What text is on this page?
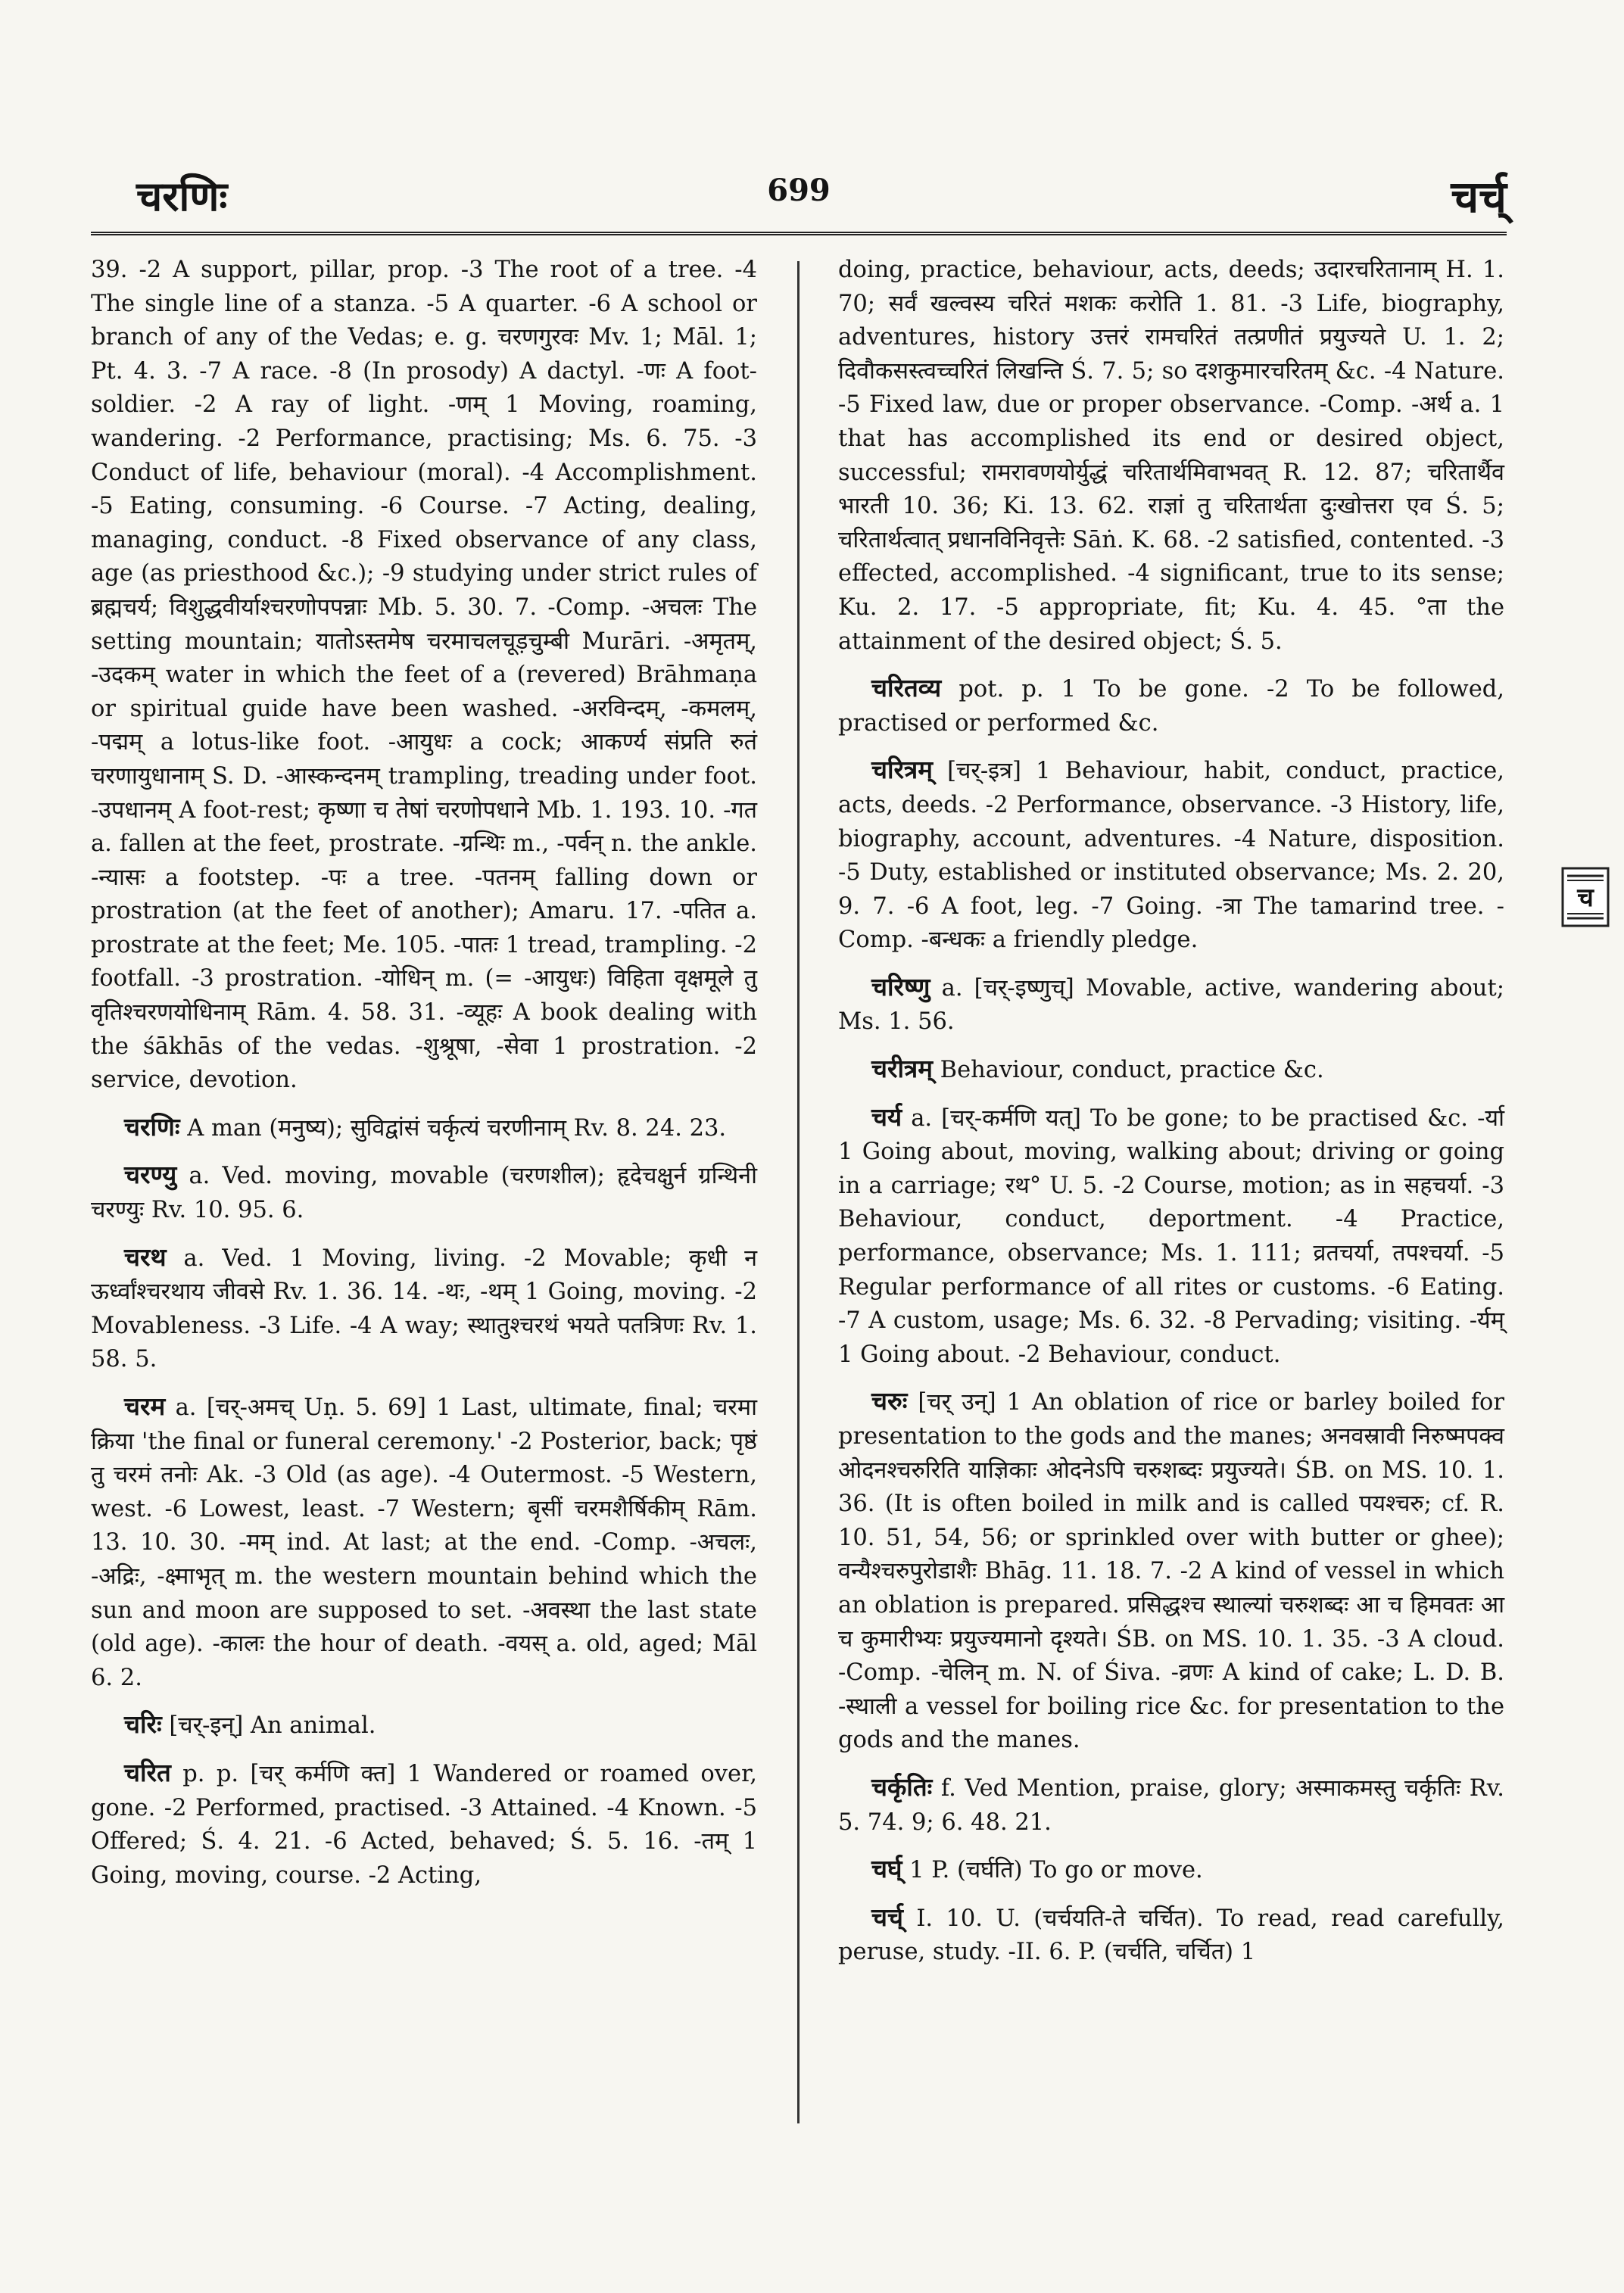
चरणिः	699	चर्च्

39. -2 A support, pillar, prop. -3 The root of a tree. -4 The single line of a stanza. -5 A quarter. -6 A school or branch of any of the Vedas; e. g. चरणगुरवः Mv. 1; Māl. 1; Pt. 4. 3. -7 A race. -8 (In prosody) A dactyl. -णः A foot-soldier. -2 A ray of light. -णम् 1 Moving, roaming, wandering. -2 Performance, practising; Ms. 6. 75. -3 Conduct of life, behaviour (moral). -4 Accomplishment. -5 Eating, consuming. -6 Course. -7 Acting, dealing, managing, conduct. -8 Fixed observance of any class, age (as priesthood &c.); -9 studying under strict rules of ब्रह्मचर्य; विशुद्धवीर्याश्चरणोपपन्नाः Mb. 5. 30. 7. -Comp. -अचलः The setting mountain; यातोऽस्तमेष चरमाचलचूड़चुम्बी Murāri. -अमृतम्, -उदकम् water in which the feet of a (revered) Brāhmaṇa or spiritual guide have been washed. -अरविन्दम्, -कमलम्, -पद्मम् a lotus-like foot. -आयुधः a cock; आकर्ण्य संप्रति रुतं चरणायुधानाम् S. D. -आस्कन्दनम् trampling, treading under foot. -उपधानम् A foot-rest; कृष्णा च तेषां चरणोपधाने Mb. 1. 193. 10. -गत a. fallen at the feet, prostrate. -ग्रन्थिः m., -पर्वन् n. the ankle. -न्यासः a footstep. -पः a tree. -पतनम् falling down or prostration (at the feet of another); Amaru. 17. -पतित a. prostrate at the feet; Me. 105. -पातः 1 tread, trampling. -2 footfall. -3 prostration. -योधिन् m. (= -आयुधः) विहिता वृक्षमूले तु वृतिश्चरणयोधिनाम् Rām. 4. 58. 31. -व्यूहः A book dealing with the śākhās of the vedas. -शुश्रूषा, -सेवा 1 prostration. -2 service, devotion.

चरणिः A man (मनुष्य); सुविद्वांसं चर्कृत्यं चरणीनाम् Rv. 8. 24. 23.

चरण्यु a. Ved. moving, movable (चरणशील); हृदेचक्षुर्न ग्रन्थिनी चरण्युः Rv. 10. 95. 6.

चरथ a. Ved. 1 Moving, living. -2 Movable; कृधी न ऊर्ध्वांश्चरथाय जीवसे Rv. 1. 36. 14. -थः, -थम् 1 Going, moving. -2 Movableness. -3 Life. -4 A way; स्थातुश्चरथं भयते पतत्रिणः Rv. 1. 58. 5.

चरम a. [चर्-अमच् Uṇ. 5. 69] 1 Last, ultimate, final; चरमा क्रिया 'the final or funeral ceremony.' -2 Posterior, back; पृष्ठं तु चरमं तनोः Ak. -3 Old (as age). -4 Outermost. -5 Western, west. -6 Lowest, least. -7 Western; बृसीं चरमशैर्षिकीम् Rām. 13. 10. 30. -मम् ind. At last; at the end. -Comp. -अचलः, -अद्रिः, -क्ष्माभृत् m. the western mountain behind which the sun and moon are supposed to set. -अवस्था the last state (old age). -कालः the hour of death. -वयस् a. old, aged; Māl 6. 2.

चरिः [चर्-इन्] An animal.

चरित p. p. [चर् कर्मणि क्त] 1 Wandered or roamed over, gone. -2 Performed, practised. -3 Attained. -4 Known. -5 Offered; Ś. 4. 21. -6 Acted, behaved; Ś. 5. 16. -तम् 1 Going, moving, course. -2 Acting,

doing, practice, behaviour, acts, deeds; उदारचरितानाम् H. 1. 70; सर्वं खल्वस्य चरितं मशकः करोति 1. 81. -3 Life, biography, adventures, history उत्तरं रामचरितं तत्प्रणीतं प्रयुज्यते U. 1. 2; दिवौकसस्त्वच्चरितं लिखन्ति Ś. 7. 5; so दशकुमारचरितम् &c. -4 Nature. -5 Fixed law, due or proper observance. -Comp. -अर्थ a. 1 that has accomplished its end or desired object, successful; रामरावणयोर्युद्धं चरितार्थमिवाभवत् R. 12. 87; चरितार्थैव भारती 10. 36; Ki. 13. 62. राज्ञां तु चरितार्थता दुःखोत्तरा एव Ś. 5; चरितार्थत्वात् प्रधानविनिवृत्तेः Sāṅ. K. 68. -2 satisfied, contented. -3 effected, accomplished. -4 significant, true to its sense; Ku. 2. 17. -5 appropriate, fit; Ku. 4. 45. °ता the attainment of the desired object; Ś. 5.

चरितव्य pot. p. 1 To be gone. -2 To be followed, practised or performed &c.

चरित्रम् [चर्-इत्र] 1 Behaviour, habit, conduct, practice, acts, deeds. -2 Performance, observance. -3 History, life, biography, account, adventures. -4 Nature, disposition. -5 Duty, established or instituted observance; Ms. 2. 20, 9. 7. -6 A foot, leg. -7 Going. -त्रा The tamarind tree. -Comp. -बन्धकः a friendly pledge.

चरिष्णु a. [चर्-इष्णुच्] Movable, active, wandering about; Ms. 1. 56.

चरीत्रम् Behaviour, conduct, practice &c.

चर्य a. [चर्-कर्मणि यत्] To be gone; to be practised &c. -र्या 1 Going about, moving, walking about; driving or going in a carriage; रथ° U. 5. -2 Course, motion; as in सहचर्या. -3 Behaviour, conduct, deportment. -4 Practice, performance, observance; Ms. 1. 111; व्रतचर्या, तपश्चर्या. -5 Regular performance of all rites or customs. -6 Eating. -7 A custom, usage; Ms. 6. 32. -8 Pervading; visiting. -र्यम् 1 Going about. -2 Behaviour, conduct.

चरुः [चर् उन्] 1 An oblation of rice or barley boiled for presentation to the gods and the manes; अनवस्रावी निरुष्मपक्व ओदनश्चरुरिति याज्ञिकाः ओदनेऽपि चरुशब्दः प्रयुज्यते। ŚB. on MS. 10. 1. 36. (It is often boiled in milk and is called पयश्चरु; cf. R. 10. 51, 54, 56; or sprinkled over with butter or ghee); वन्यैश्चरुपुरोडाशैः Bhāg. 11. 18. 7. -2 A kind of vessel in which an oblation is prepared. प्रसिद्धश्च स्थाल्यां चरुशब्दः आ च हिमवतः आ च कुमारीभ्यः प्रयुज्यमानो दृश्यते। ŚB. on MS. 10. 1. 35. -3 A cloud. -Comp. -चेलिन् m. N. of Śiva. -व्रणः A kind of cake; L. D. B. -स्थाली a vessel for boiling rice &c. for presentation to the gods and the manes.

चर्कृतिः f. Ved Mention, praise, glory; अस्माकमस्तु चर्कृतिः Rv. 5. 74. 9; 6. 48. 21.

चर्घ् 1 P. (चर्घति) To go or move.

चर्च् I. 10. U. (चर्चयति-ते चर्चित). To read, read carefully, peruse, study. -II. 6. P. (चर्चति, चर्चित) 1

च
